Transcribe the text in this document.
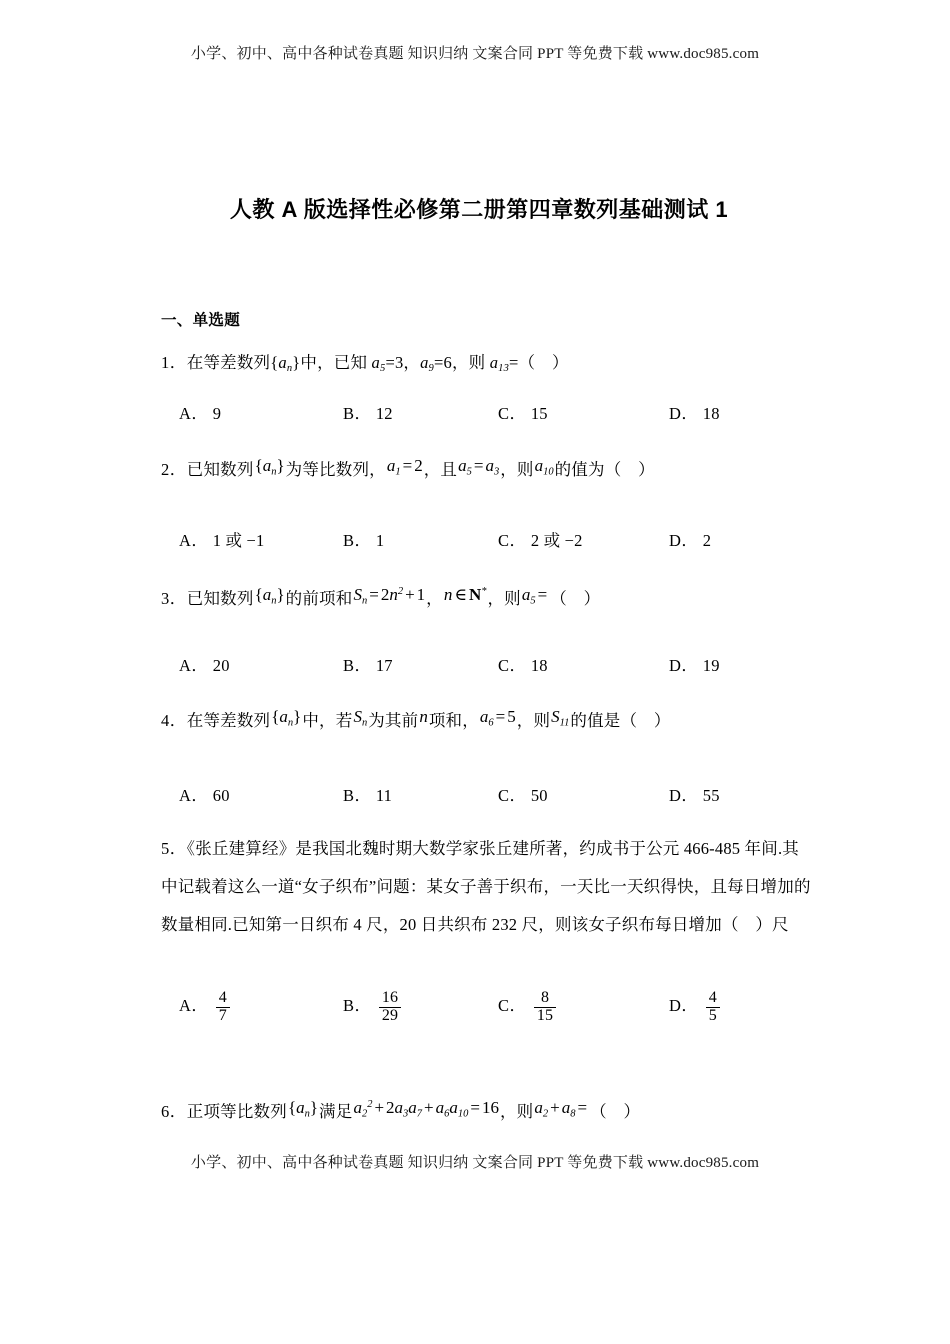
小学、初中、高中各种试卷真题 知识归纳 文案合同 PPT 等免费下载 www.doc985.com
人教 A 版选择性必修第二册第四章数列基础测试 1
一、单选题
1．在等差数列$\{a_n\}$中，已知 $a_5=3$，$a_9=6$，则 $a_{13}=$（　）
A． 9	B． 12	C． 15	D． 18
2．已知数列$\{a_n\}$为等比数列，$a_1 = 2$，且$a_5 = a_3$，则$a_{10}$的值为（　）
A． 1 或 −1	B． 1	C． 2 或 −2	D． 2
3．已知数列$\{a_n\}$的前项和$S_n = 2n^2 + 1$，n ∈ N*，则$a_5$ = （　）
A． 20	B． 17	C． 18	D． 19
4．在等差数列$\{a_n\}$中，若$S_n$为其前n项和，$a_6 = 5$，则$S_{11}$的值是（　）
A． 60	B． 11	C． 50	D． 55
5．《张丘建算经》是我国北魏时期大数学家张丘建所著，约成书于公元 466-485 年间.其中记载着这么一道“女子织布”问题：某女子善于织布，一天比一天织得快，且每日增加的数量相同.已知第一日织布 4 尺，20 日共织布 232 尺，则该女子织布每日增加（　）尺
A． $\frac{4}{7}$	B． $\frac{16}{29}$	C． $\frac{8}{15}$	D． $\frac{4}{5}$
6．正项等比数列$\{a_n\}$满足$a_2^2 + 2a_3a_7 + a_6a_{10} = 16$，则$a_2 + a_8$ = （　）
小学、初中、高中各种试卷真题 知识归纳 文案合同 PPT 等免费下载 www.doc985.com
